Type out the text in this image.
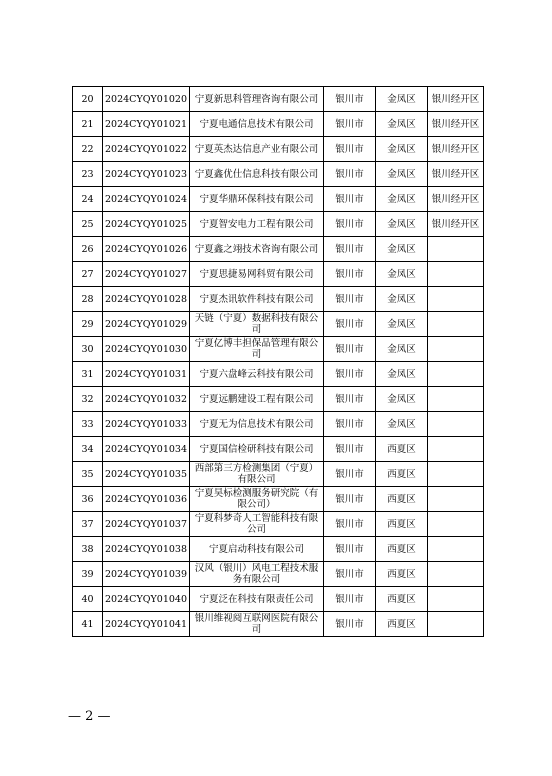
20	2024CYQY01020	宁夏新思科管理咨询有限公司	银川市	金凤区	银川经开区
21	2024CYQY01021	宁夏电通信息技术有限公司	银川市	金凤区	银川经开区
22	2024CYQY01022	宁夏英杰达信息产业有限公司	银川市	金凤区	银川经开区
23	2024CYQY01023	宁夏鑫优仕信息科技有限公司	银川市	金凤区	银川经开区
24	2024CYQY01024	宁夏华鼎环保科技有限公司	银川市	金凤区	银川经开区
25	2024CYQY01025	宁夏智安电力工程有限公司	银川市	金凤区	银川经开区
26	2024CYQY01026	宁夏鑫之翊技术咨询有限公司	银川市	金凤区	
27	2024CYQY01027	宁夏思捷易网科贸有限公司	银川市	金凤区	
28	2024CYQY01028	宁夏杰讯软件科技有限公司	银川市	金凤区	
29	2024CYQY01029	天链（宁夏）数据科技有限公司	银川市	金凤区	
30	2024CYQY01030	宁夏亿博丰担保品管理有限公司	银川市	金凤区	
31	2024CYQY01031	宁夏六盘峰云科技有限公司	银川市	金凤区	
32	2024CYQY01032	宁夏远鹏建设工程有限公司	银川市	金凤区	
33	2024CYQY01033	宁夏无为信息技术有限公司	银川市	金凤区	
34	2024CYQY01034	宁夏国信检研科技有限公司	银川市	西夏区	
35	2024CYQY01035	西部第三方检测集团（宁夏）有限公司	银川市	西夏区	
36	2024CYQY01036	宁夏昊标检测服务研究院（有限公司）	银川市	西夏区	
37	2024CYQY01037	宁夏科梦奇人工智能科技有限公司	银川市	西夏区	
38	2024CYQY01038	宁夏启动科技有限公司	银川市	西夏区	
39	2024CYQY01039	汉风（银川）风电工程技术服务有限公司	银川市	西夏区	
40	2024CYQY01040	宁夏泛在科技有限责任公司	银川市	西夏区	
41	2024CYQY01041	银川维视阅互联网医院有限公司	银川市	西夏区	
— 2 —
